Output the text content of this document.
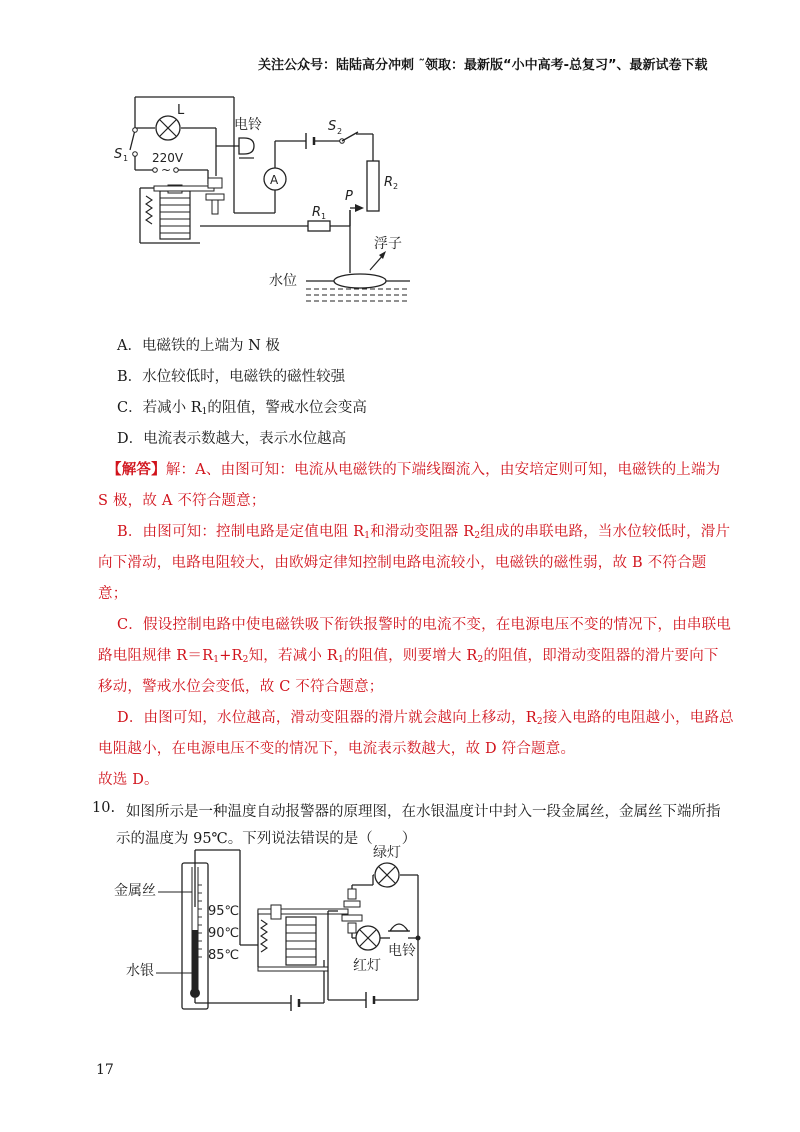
关注公众号：陆陆高分冲刺 ˜领取：最新版“小中高考-总复习”、最新试卷下载
L
S 1 220V
~
电铃
A
S 2
R 2
P
R 1
浮子
水位
A．电磁铁的上端为 N 极
B．水位较低时，电磁铁的磁性较强
C．若减小 $R_1$的阻值，警戒水位会变高
D．电流表示数越大，表示水位越高
【解答】解：A、由图可知：电流从电磁铁的下端线圈流入，由安培定则可知，电磁铁的上端为
S 极，故 A 不符合题意；
B．由图可知：控制电路是定值电阻 $R_1$和滑动变阻器 $R_2$组成的串联电路，当水位较低时，滑片
向下滑动，电路电阻较大，由欧姆定律知控制电路电流较小，电磁铁的磁性弱，故 B 不符合题
意；
C．假设控制电路中使电磁铁吸下衔铁报警时的电流不变，在电源电压不变的情况下，由串联电
路电阻规律 $R=R_1+R_2$知，若减小 $R_1$的阻值，则要增大 $R_2$的阻值，即滑动变阻器的滑片要向下
移动，警戒水位会变低，故 C 不符合题意；
D．由图可知，水位越高，滑动变阻器的滑片就会越向上移动，$R_2$接入电路的电阻越小，电路总
电阻越小，在电源电压不变的情况下，电流表示数越大，故 D 符合题意。
故选 D。
10. 如图所示是一种温度自动报警器的原理图，在水银温度计中封入一段金属丝，金属丝下端所指
示的温度为 95℃。下列说法错误的是（　　）
金属丝
水银
95℃
90℃
85℃
绿灯
红灯
电铃
17
